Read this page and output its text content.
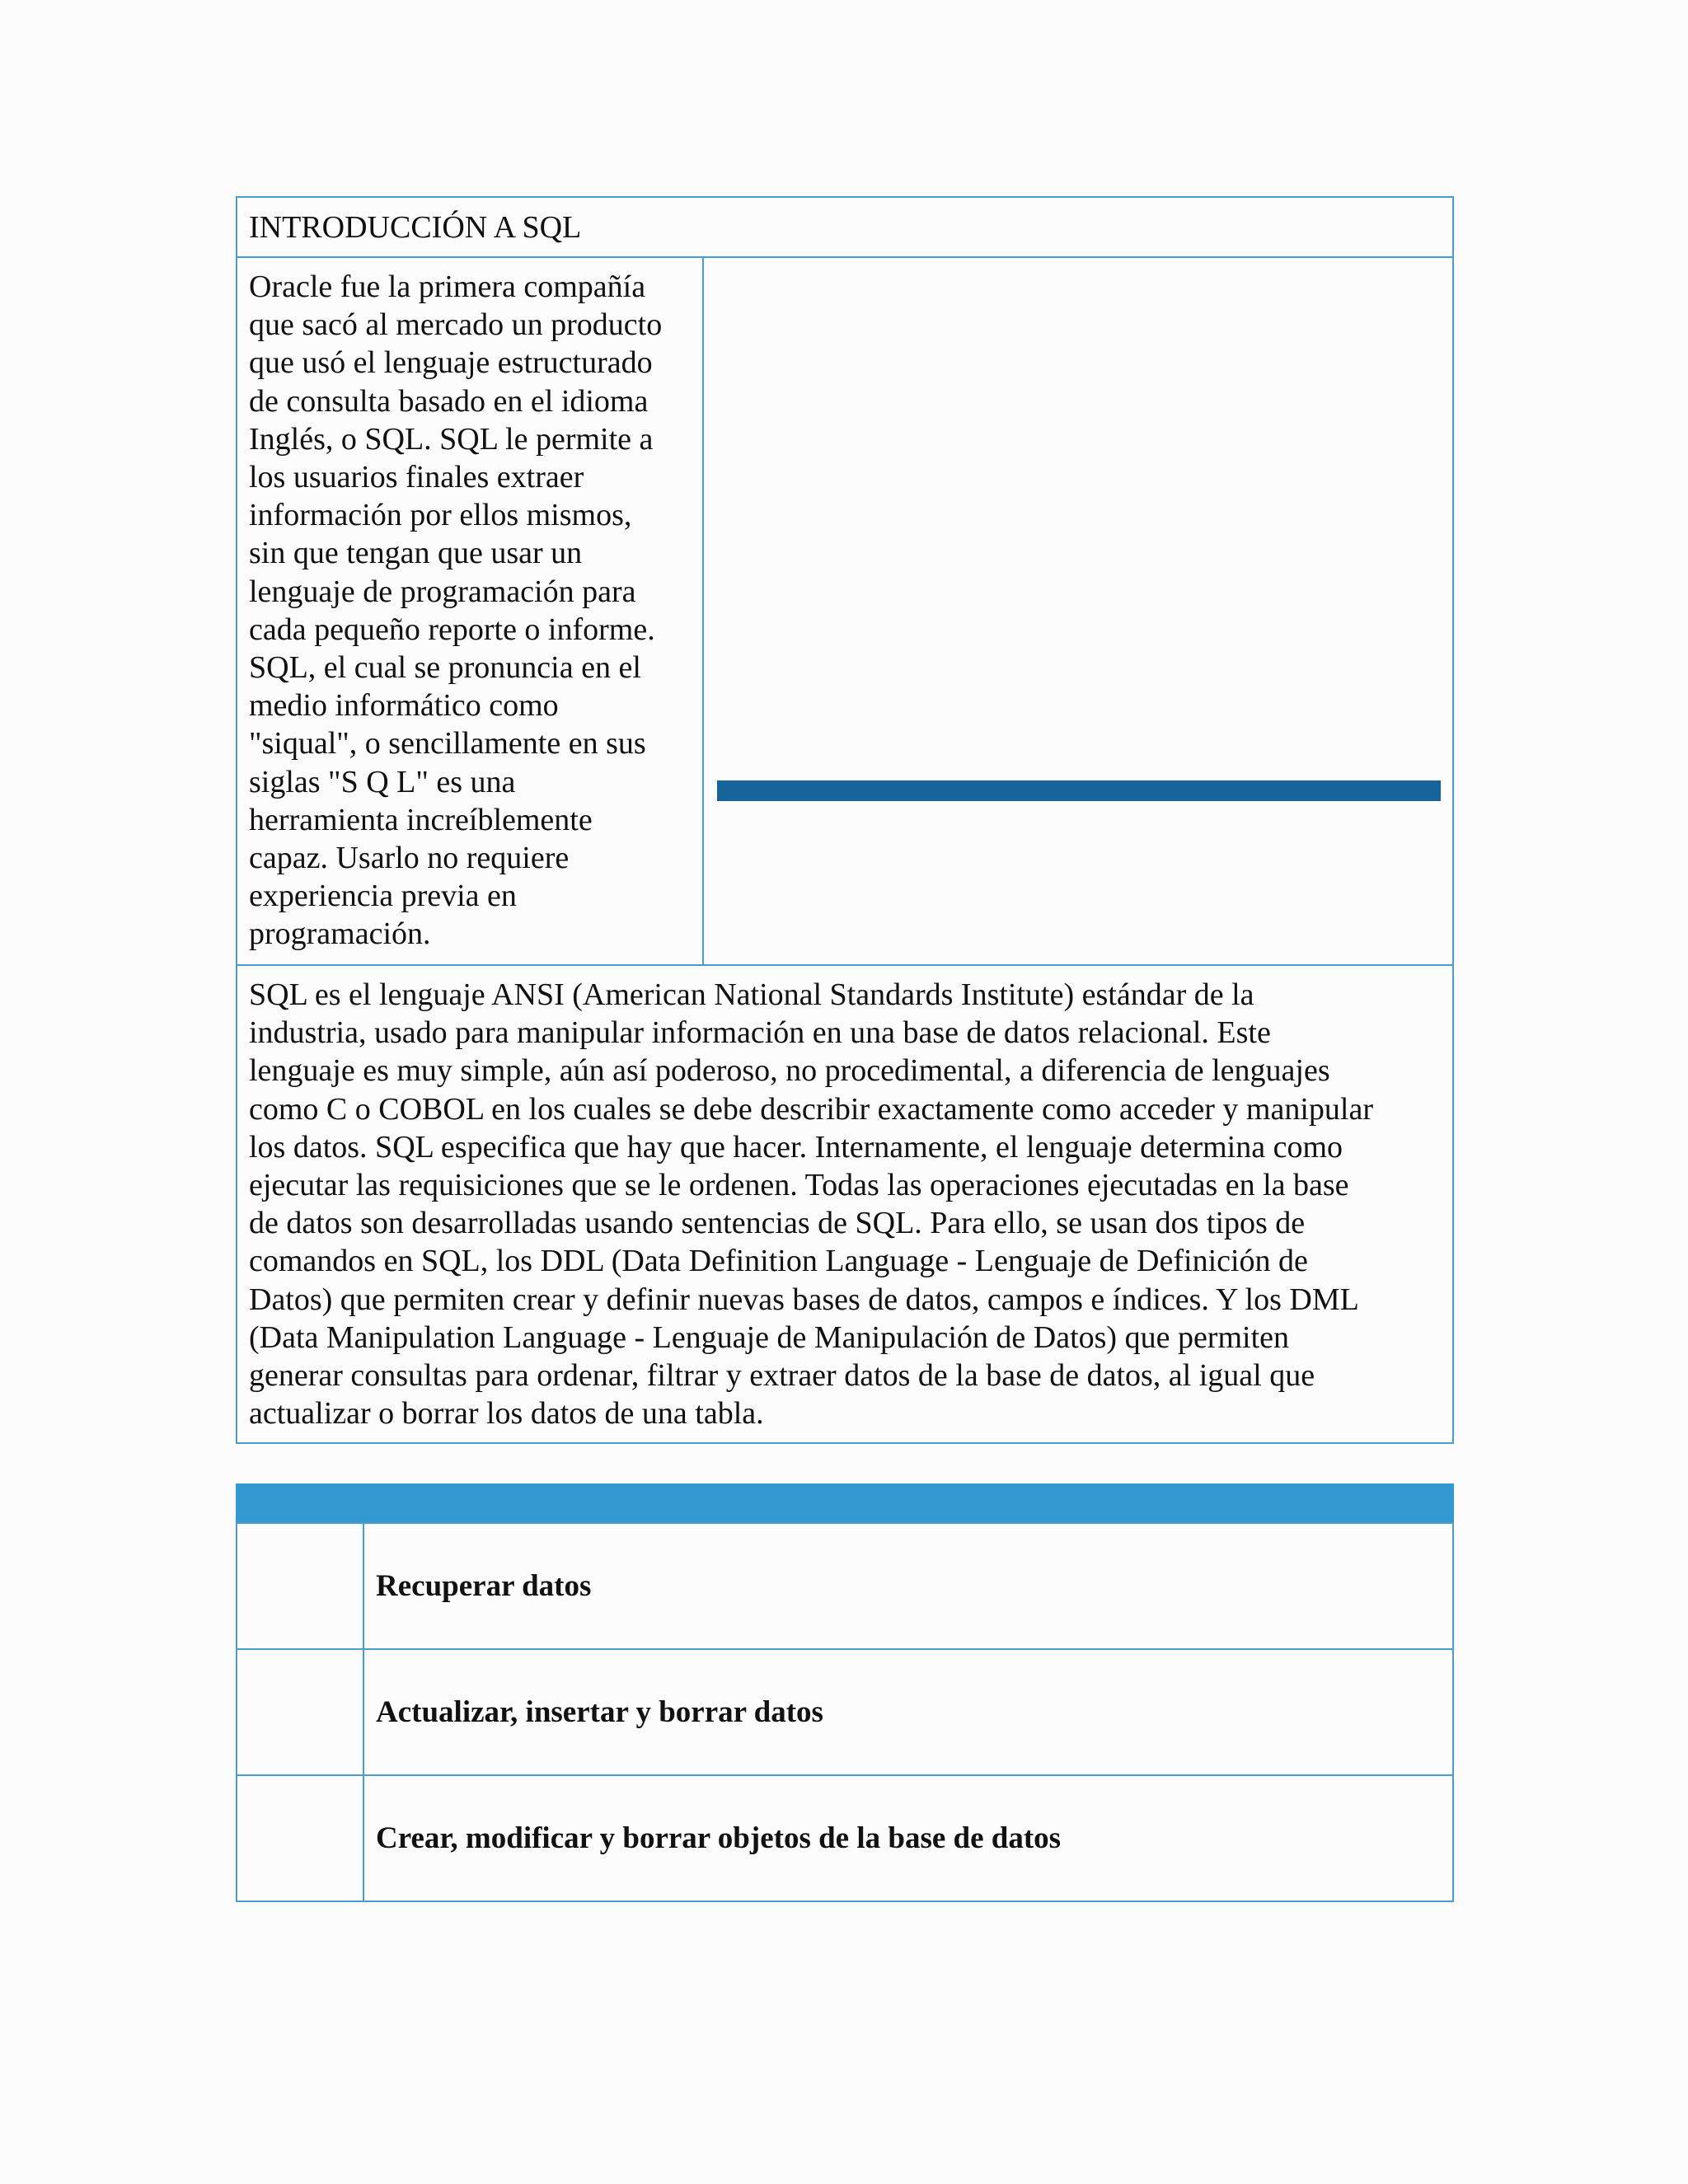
INTRODUCCIÓN A SQL
Oracle fue la primera compañía
que sacó al mercado un producto
que usó el lenguaje estructurado
de consulta basado en el idioma
Inglés, o SQL. SQL le permite a
los usuarios finales extraer
información por ellos mismos,
sin que tengan que usar un
lenguaje de programación para
cada pequeño reporte o informe.
SQL, el cual se pronuncia en el
medio informático como
"siqual", o sencillamente en sus
siglas "S Q L" es una
herramienta increíblemente
capaz. Usarlo no requiere
experiencia previa en
programación.
SQL es el lenguaje ANSI (American National Standards Institute) estándar de la
industria, usado para manipular información en una base de datos relacional. Este
lenguaje es muy simple, aún así poderoso, no procedimental, a diferencia de lenguajes
como C o COBOL en los cuales se debe describir exactamente como acceder y manipular
los datos. SQL especifica que hay que hacer. Internamente, el lenguaje determina como
ejecutar las requisiciones que se le ordenen. Todas las operaciones ejecutadas en la base
de datos son desarrolladas usando sentencias de SQL. Para ello, se usan dos tipos de
comandos en SQL, los DDL (Data Definition Language - Lenguaje de Definición de
Datos) que permiten crear y definir nuevas bases de datos, campos e índices. Y los DML
(Data Manipulation Language - Lenguaje de Manipulación de Datos) que permiten
generar consultas para ordenar, filtrar y extraer datos de la base de datos, al igual que
actualizar o borrar los datos de una tabla.
Recuperar datos
Actualizar, insertar y borrar datos
Crear, modificar y borrar objetos de la base de datos
